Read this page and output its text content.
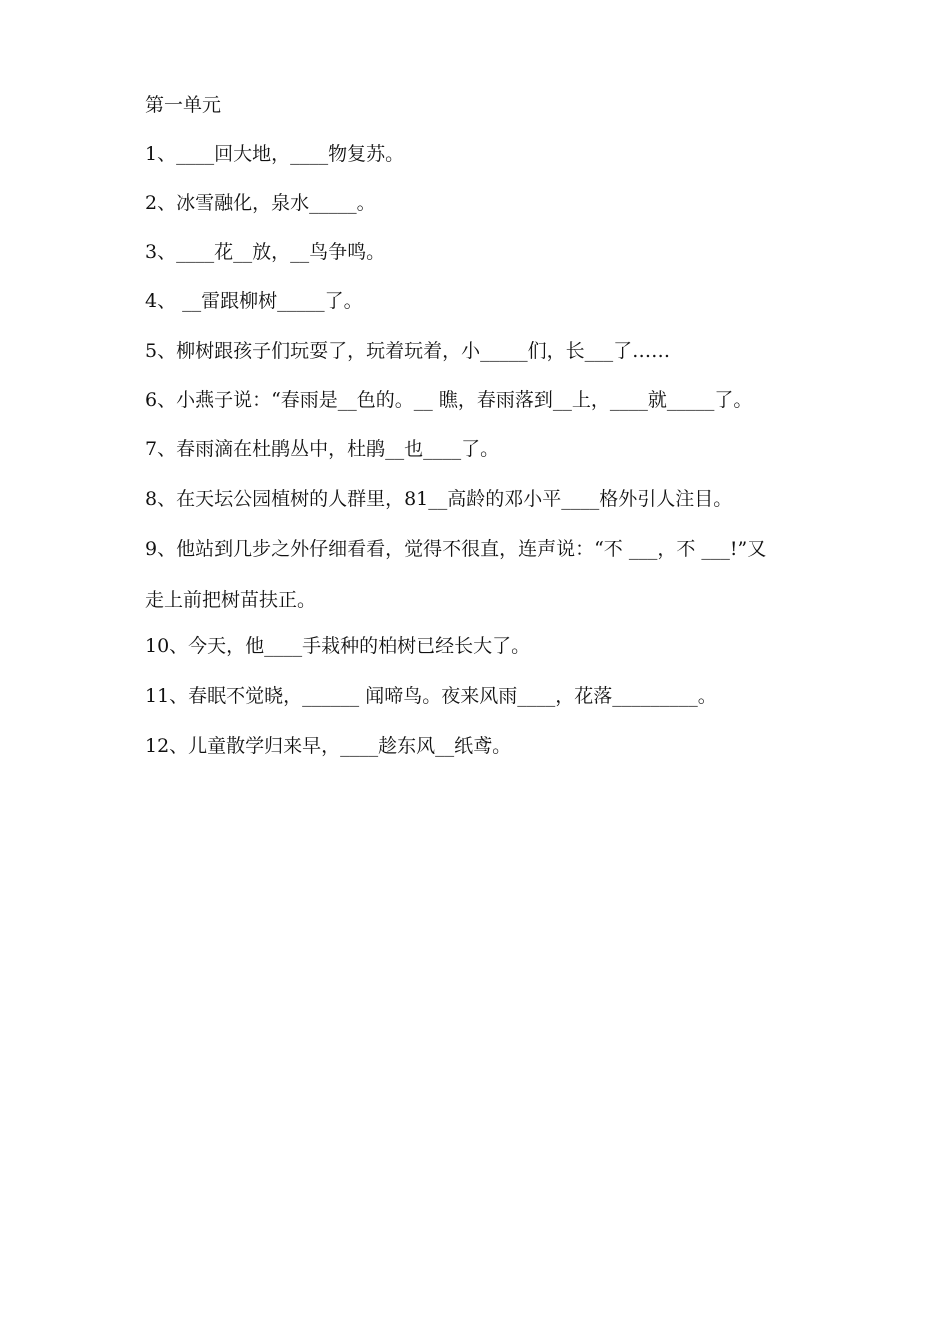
第一单元
1、____回大地，____物复苏。
2、冰雪融化，泉水_____。
3、____花__放，__鸟争鸣。
4、 __雷跟柳树_____了。
5、柳树跟孩子们玩耍了，玩着玩着，小_____们，长___了……
6、小燕子说：“春雨是__色的。__ 瞧，春雨落到__上，____就_____了。
7、春雨滴在杜鹃丛中，杜鹃__也____了。
8、在天坛公园植树的人群里，81__高龄的邓小平____格外引人注目。
9、他站到几步之外仔细看看，觉得不很直，连声说：“不 ___，不 ___!”又
走上前把树苗扶正。
10、今天，他____手栽种的柏树已经长大了。
11、春眠不觉晓，______ 闻啼鸟。夜来风雨____，花落_________。
12、儿童散学归来早，____趁东风__纸鸢。
